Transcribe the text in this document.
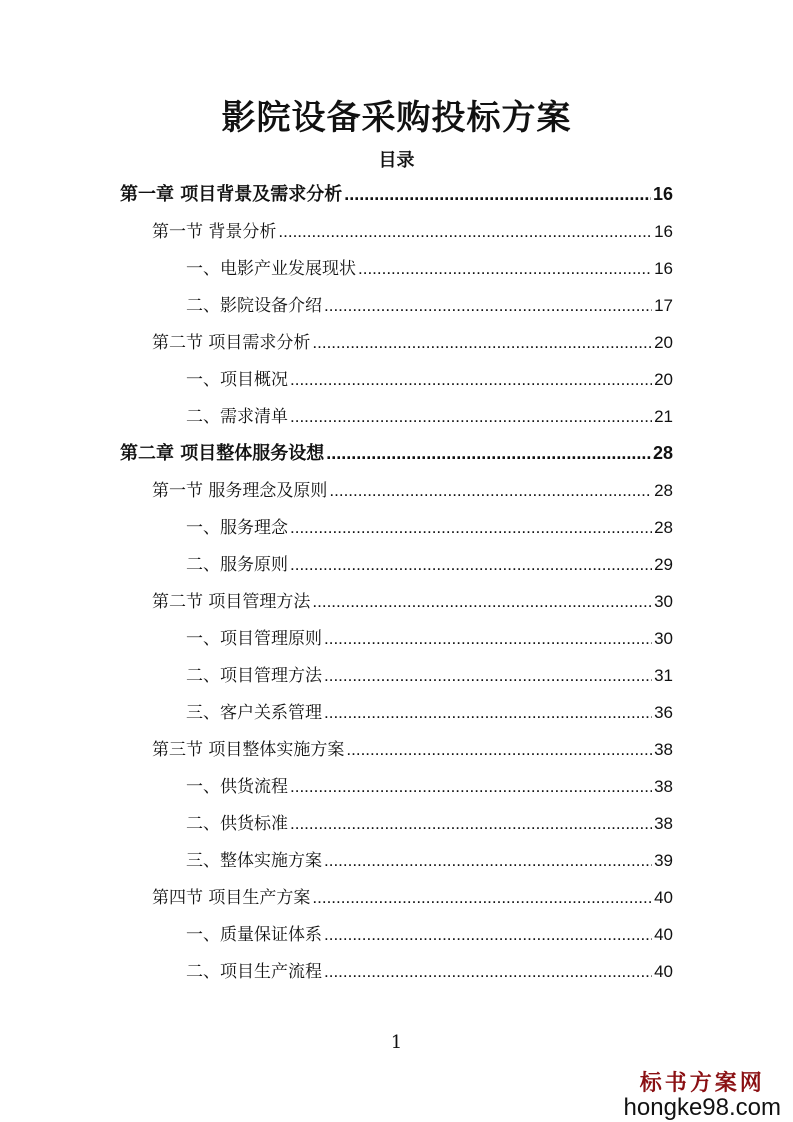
影院设备采购投标方案
目录
第一章 项目背景及需求分析 .....	16
第一节 背景分析 .....	16
一、电影产业发展现状 .....	16
二、影院设备介绍 .....	17
第二节 项目需求分析 .....	20
一、项目概况 .....	20
二、需求清单 .....	21
第二章 项目整体服务设想 .....	28
第一节 服务理念及原则 .....	28
一、服务理念 .....	28
二、服务原则 .....	29
第二节 项目管理方法 .....	30
一、项目管理原则 .....	30
二、项目管理方法 .....	31
三、客户关系管理 .....	36
第三节 项目整体实施方案 .....	38
一、供货流程 .....	38
二、供货标准 .....	38
三、整体实施方案 .....	39
第四节 项目生产方案 .....	40
一、质量保证体系 .....	40
二、项目生产流程 .....	40
1
标书方案网
hongke98.com
